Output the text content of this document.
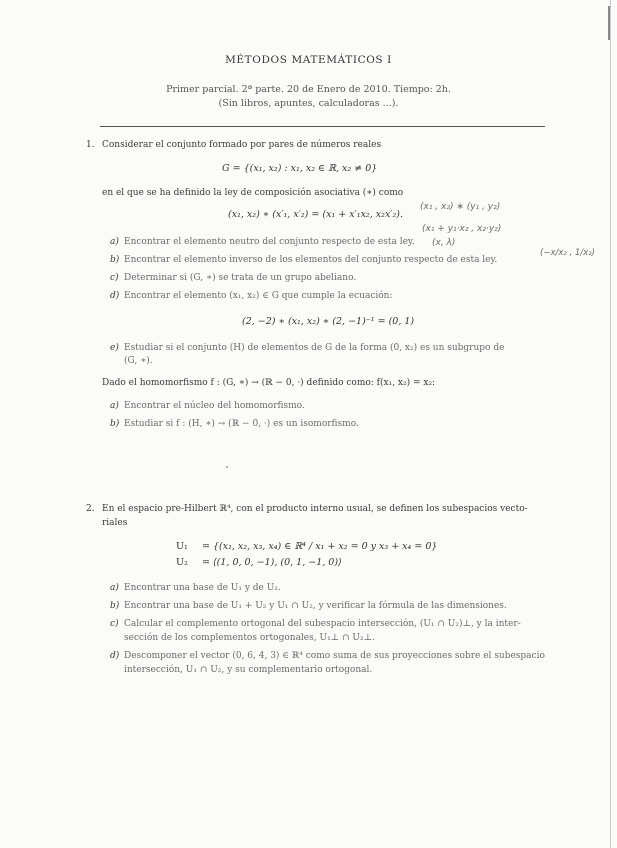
MÉTODOS MATEMÁTICOS I
Primer parcial. 2ª parte. 20 de Enero de 2010. Tiempo: 2h.
(Sin libros, apuntes, calculadoras ...).
1. Considerar el conjunto formado por pares de números reales
G = {(x₁, x₂) : x₁, x₂ ∈ ℝ, x₂ ≠ 0}
en el que se ha definido la ley de composición asociativa (∗) como
(x₁, x₂) ∗ (x′₁, x′₂) = (x₁ + x′₁x₂, x₂x′₂).
(x₁ , x₂) ∗ (y₁ , y₂)
(x₁ + y₁·x₂ , x₂·y₂)
(x, λ)
(−x/x₂ , 1/x₂)
a) Encontrar el elemento neutro del conjunto respecto de esta ley.
b) Encontrar el elemento inverso de los elementos del conjunto respecto de esta ley.
c) Determinar si (G, ∗) se trata de un grupo abeliano.
d) Encontrar el elemento (x₁, x₂) ∈ G que cumple la ecuación:
(2, −2) ∗ (x₁, x₂) ∗ (2, −1)⁻¹ = (0, 1)
e) Estudiar si el conjunto (H) de elementos de G de la forma (0, x₂) es un subgrupo de
(G, ∗).
Dado el homomorfismo f : (G, ∗) → (ℝ − 0, ·) definido como: f(x₁, x₂) = x₂:
a) Encontrar el núcleo del homomorfismo.
b) Estudiar si f : (H, ∗) → (ℝ − 0, ·) es un isomorfismo.
2. En el espacio pre-Hilbert ℝ⁴, con el producto interno usual, se definen los subespacios vecto-
riales
U₁ = {(x₁, x₂, x₃, x₄) ∈ ℝ⁴ / x₁ + x₂ = 0 y x₃ + x₄ = 0}
U₂ = ⟨(1, 0, 0, −1), (0, 1, −1, 0)⟩
a) Encontrar una base de U₁ y de U₂.
b) Encontrar una base de U₁ + U₂ y U₁ ∩ U₂, y verificar la fórmula de las dimensiones.
c) Calcular el complemento ortogonal del subespacio intersección, (U₁ ∩ U₂)⊥, y la inter-
sección de los complementos ortogonales, U₁⊥ ∩ U₂⊥.
d) Descomponer el vector (0, 6, 4, 3) ∈ ℝ⁴ como suma de sus proyecciones sobre el subespacio
intersección, U₁ ∩ U₂, y su complementario ortogonal.
